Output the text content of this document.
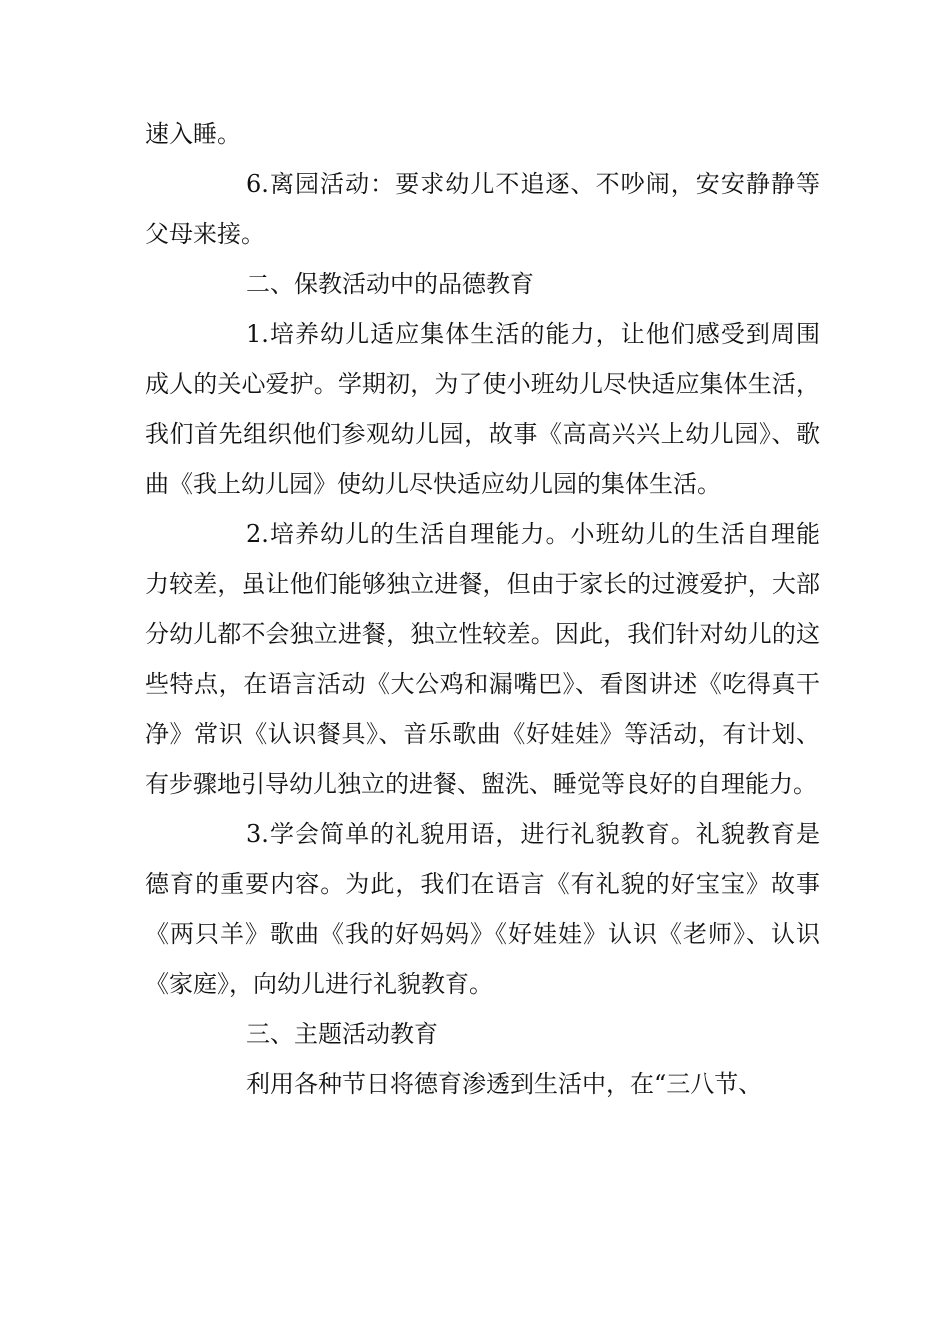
速入睡。

6.离园活动：要求幼儿不追逐、不吵闹，安安静静等父母来接。

二、保教活动中的品德教育

1.培养幼儿适应集体生活的能力，让他们感受到周围成人的关心爱护。学期初，为了使小班幼儿尽快适应集体生活，我们首先组织他们参观幼儿园，故事《高高兴兴上幼儿园》、歌曲《我上幼儿园》使幼儿尽快适应幼儿园的集体生活。

2.培养幼儿的生活自理能力。小班幼儿的生活自理能力较差，虽让他们能够独立进餐，但由于家长的过渡爱护，大部分幼儿都不会独立进餐，独立性较差。因此，我们针对幼儿的这些特点，在语言活动《大公鸡和漏嘴巴》、看图讲述《吃得真干净》常识《认识餐具》、音乐歌曲《好娃娃》等活动，有计划、有步骤地引导幼儿独立的进餐、盥洗、睡觉等良好的自理能力。

3.学会简单的礼貌用语，进行礼貌教育。礼貌教育是德育的重要内容。为此，我们在语言《有礼貌的好宝宝》故事《两只羊》歌曲《我的好妈妈》《好娃娃》认识《老师》、认识《家庭》，向幼儿进行礼貌教育。

三、主题活动教育

利用各种节日将德育渗透到生活中，在“三八节、
